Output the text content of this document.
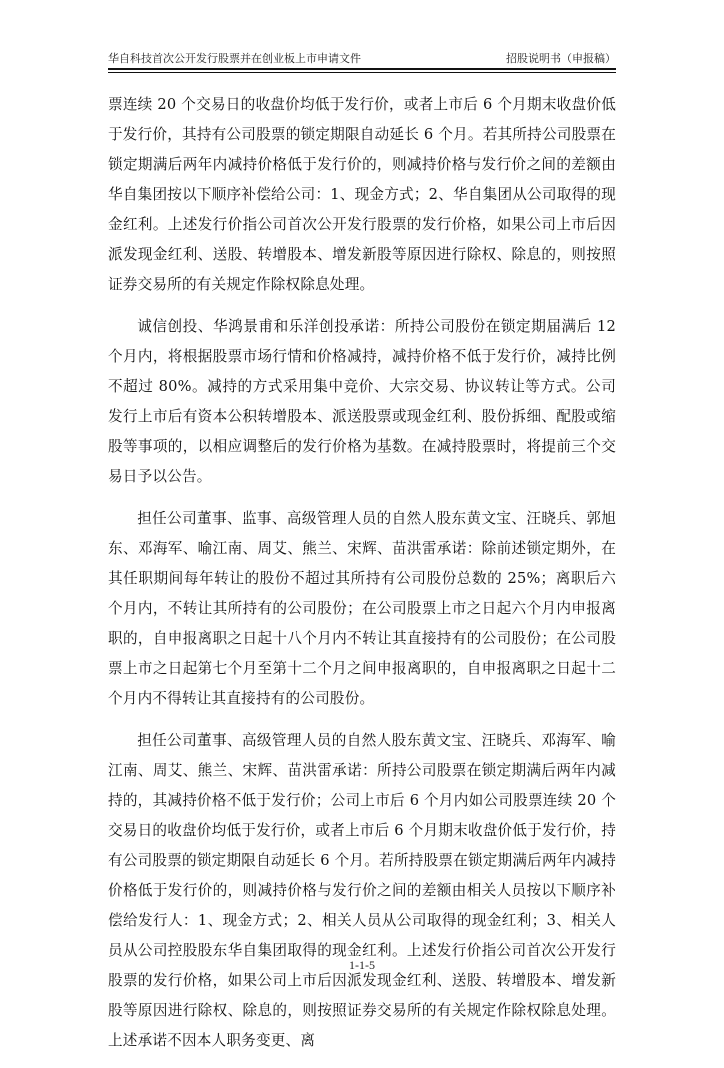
华自科技首次公开发行股票并在创业板上市申请文件	招股说明书（申报稿）

票连续 20 个交易日的收盘价均低于发行价，或者上市后 6 个月期末收盘价低于发行价，其持有公司股票的锁定期限自动延长 6 个月。若其所持公司股票在锁定期满后两年内减持价格低于发行价的，则减持价格与发行价之间的差额由华自集团按以下顺序补偿给公司：1、现金方式；2、华自集团从公司取得的现金红利。上述发行价指公司首次公开发行股票的发行价格，如果公司上市后因派发现金红利、送股、转增股本、增发新股等原因进行除权、除息的，则按照证券交易所的有关规定作除权除息处理。

诚信创投、华鸿景甫和乐洋创投承诺：所持公司股份在锁定期届满后 12 个月内，将根据股票市场行情和价格减持，减持价格不低于发行价，减持比例不超过 80%。减持的方式采用集中竞价、大宗交易、协议转让等方式。公司发行上市后有资本公积转增股本、派送股票或现金红利、股份拆细、配股或缩股等事项的，以相应调整后的发行价格为基数。在减持股票时，将提前三个交易日予以公告。

担任公司董事、监事、高级管理人员的自然人股东黄文宝、汪晓兵、郭旭东、邓海军、喻江南、周艾、熊兰、宋辉、苗洪雷承诺：除前述锁定期外，在其任职期间每年转让的股份不超过其所持有公司股份总数的 25%；离职后六个月内，不转让其所持有的公司股份；在公司股票上市之日起六个月内申报离职的，自申报离职之日起十八个月内不转让其直接持有的公司股份；在公司股票上市之日起第七个月至第十二个月之间申报离职的，自申报离职之日起十二个月内不得转让其直接持有的公司股份。

担任公司董事、高级管理人员的自然人股东黄文宝、汪晓兵、邓海军、喻江南、周艾、熊兰、宋辉、苗洪雷承诺：所持公司股票在锁定期满后两年内减持的，其减持价格不低于发行价；公司上市后 6 个月内如公司股票连续 20 个交易日的收盘价均低于发行价，或者上市后 6 个月期末收盘价低于发行价，持有公司股票的锁定期限自动延长 6 个月。若所持股票在锁定期满后两年内减持价格低于发行价的，则减持价格与发行价之间的差额由相关人员按以下顺序补偿给发行人：1、现金方式；2、相关人员从公司取得的现金红利；3、相关人员从公司控股股东华自集团取得的现金红利。上述发行价指公司首次公开发行股票的发行价格，如果公司上市后因派发现金红利、送股、转增股本、增发新股等原因进行除权、除息的，则按照证券交易所的有关规定作除权除息处理。上述承诺不因本人职务变更、离

1-1-5
